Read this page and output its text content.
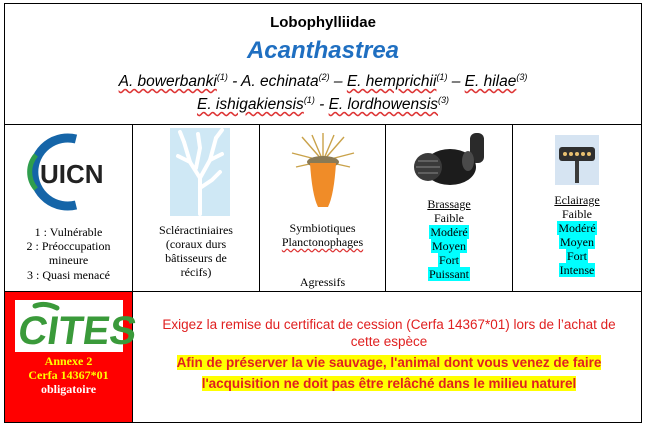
Lobophylliidae
Acanthastrea
A. bowerbanki$^{(1)}$ - A. echinata$^{(2)}$ – E. hemprichii$^{(1)}$ – E. hilae$^{(3)}$
E. ishigakiensis$^{(1)}$ - E. lordhowensis$^{(3)}$
UICN
1 : Vulnérable
2 : Préoccupation mineure
3 : Quasi menacé
Scléractiniaires
(coraux durs
bâtisseurs de
récifs)
Symbiotiques
Planctonophages
Agressifs
Brassage
Faible
Modéré
Moyen
Fort
Puissant
Eclairage
Faible
Modéré
Moyen
Fort
Intense
CITES
Annexe 2
Cerfa 14367*01
obligatoire
Exigez la remise du certificat de cession (Cerfa 14367*01) lors de l’achat de
cette espèce
Afin de préserver la vie sauvage, l'animal dont vous venez de faire
l'acquisition ne doit pas être relâché dans le milieu naturel
